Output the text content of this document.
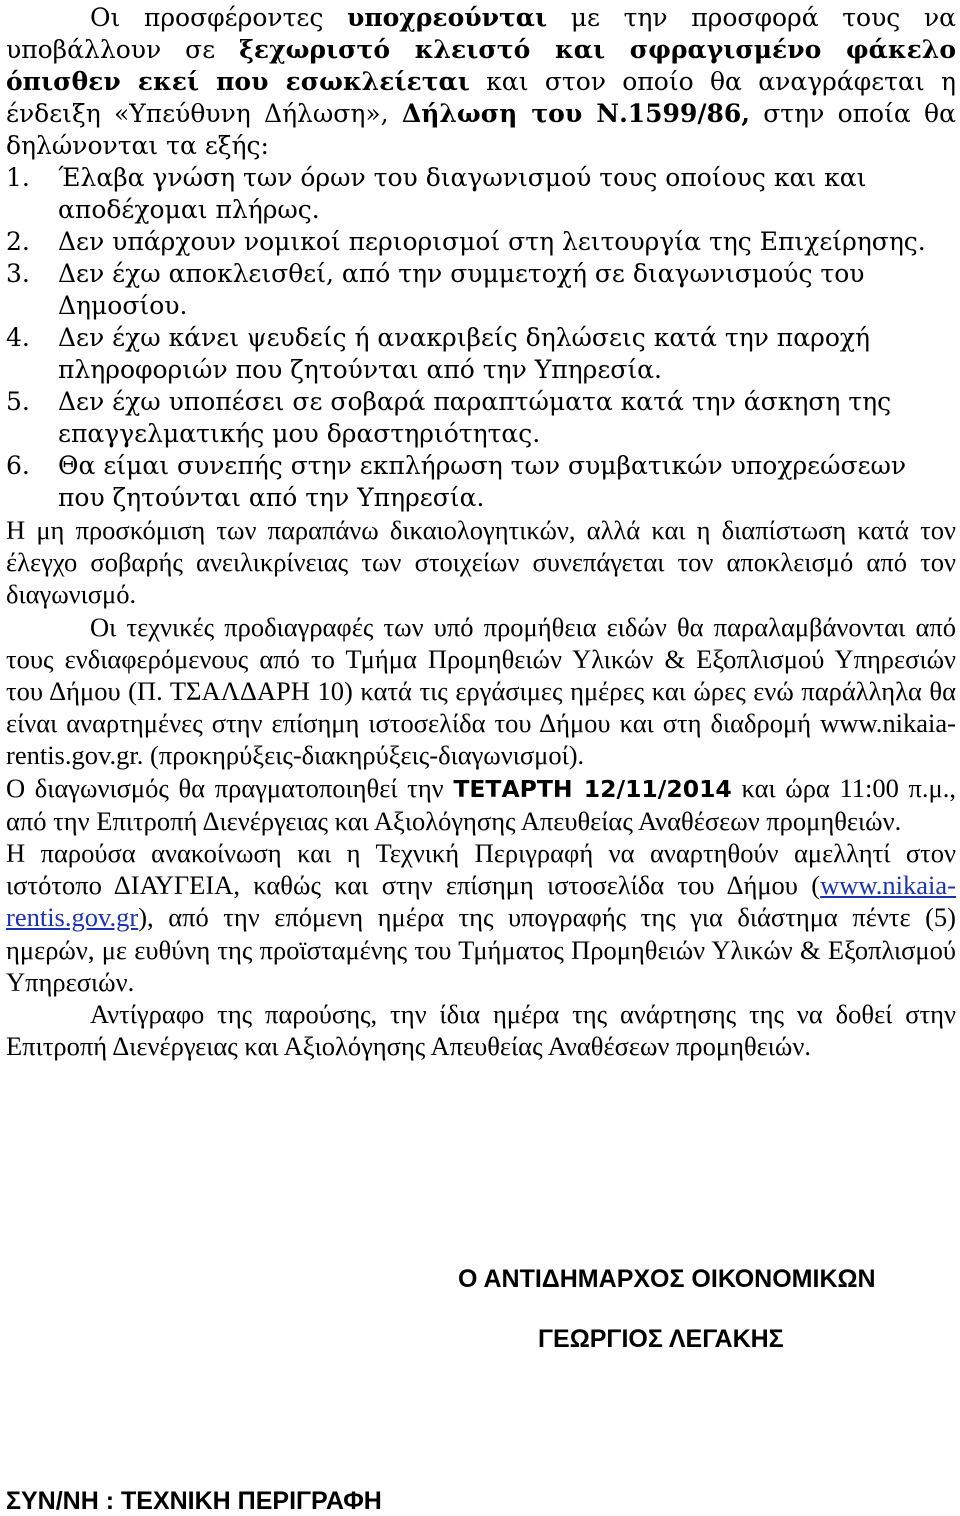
Οι προσφέροντες υποχρεούνται με την προσφορά τους να υποβάλλουν σε ξεχωριστό κλειστό και σφραγισμένο φάκελο όπισθεν εκεί που εσωκλείεται και στον οποίο θα αναγράφεται η ένδειξη «Υπεύθυνη Δήλωση», Δήλωση του Ν.1599/86, στην οποία θα δηλώνονται τα εξής:

1. Έλαβα γνώση των όρων του διαγωνισμού τους οποίους και και αποδέχομαι πλήρως.
2. Δεν υπάρχουν νομικοί περιορισμοί στη λειτουργία της Επιχείρησης.
3. Δεν έχω αποκλεισθεί, από την συμμετοχή σε διαγωνισμούς του Δημοσίου.
4. Δεν έχω κάνει ψευδείς ή ανακριβείς δηλώσεις κατά την παροχή πληροφοριών που ζητούνται από την Υπηρεσία.
5. Δεν έχω υποπέσει σε σοβαρά παραπτώματα κατά την άσκηση της επαγγελματικής μου δραστηριότητας.
6. Θα είμαι συνεπής στην εκπλήρωση των συμβατικών υποχρεώσεων που ζητούνται από την Υπηρεσία.

Η μη προσκόμιση των παραπάνω δικαιολογητικών, αλλά και η διαπίστωση κατά τον έλεγχο σοβαρής ανειλικρίνειας των στοιχείων συνεπάγεται τον αποκλεισμό από τον διαγωνισμό.

Οι τεχνικές προδιαγραφές των υπό προμήθεια ειδών θα παραλαμβάνονται από τους ενδιαφερόμενους από το Τμήμα Προμηθειών Υλικών & Εξοπλισμού Υπηρεσιών του Δήμου (Π. ΤΣΑΛΔΑΡΗ 10) κατά τις εργάσιμες ημέρες και ώρες ενώ παράλληλα θα είναι αναρτημένες στην επίσημη ιστοσελίδα του Δήμου και στη διαδρομή www.nikaia-rentis.gov.gr. (προκηρύξεις-διακηρύξεις-διαγωνισμοί).

Ο διαγωνισμός θα πραγματοποιηθεί την ΤΕΤΑΡΤΗ 12/11/2014 και ώρα 11:00 π.μ., από την Επιτροπή Διενέργειας και Αξιολόγησης Απευθείας Αναθέσεων προμηθειών.

Η παρούσα ανακοίνωση και η Τεχνική Περιγραφή να αναρτηθούν αμελλητί στον ιστότοπο ΔΙΑΥΓΕΙΑ, καθώς και στην επίσημη ιστοσελίδα του Δήμου (www.nikaia-rentis.gov.gr), από την επόμενη ημέρα της υπογραφής της για διάστημα πέντε (5) ημερών, με ευθύνη της προϊσταμένης του Τμήματος Προμηθειών Υλικών & Εξοπλισμού Υπηρεσιών.

Αντίγραφο της παρούσης, την ίδια ημέρα της ανάρτησης της να δοθεί στην Επιτροπή Διενέργειας και Αξιολόγησης Απευθείας Αναθέσεων προμηθειών.

Ο ΑΝΤΙΔΗΜΑΡΧΟΣ ΟΙΚΟΝΟΜΙΚΩΝ
ΓΕΩΡΓΙΟΣ ΛΕΓΑΚΗΣ
ΣΥΝ/ΝΗ : ΤΕΧΝΙΚΗ ΠΕΡΙΓΡΑΦΗ
